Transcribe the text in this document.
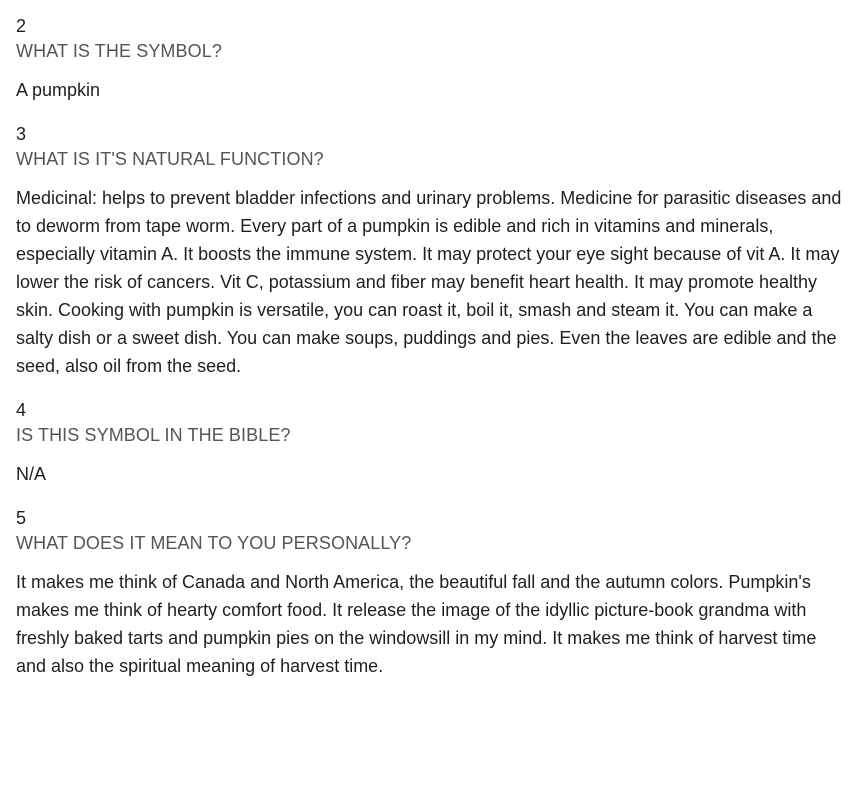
2

WHAT IS THE SYMBOL?

A pumpkin

3

WHAT IS IT'S NATURAL FUNCTION?

Medicinal: helps to prevent bladder infections and urinary problems. Medicine for parasitic diseases and to deworm from tape worm. Every part of a pumpkin is edible and rich in vitamins and minerals, especially vitamin A. It boosts the immune system. It may protect your eye sight because of vit A. It may lower the risk of cancers. Vit C, potassium and fiber may benefit heart health. It may promote healthy skin. Cooking with pumpkin is versatile, you can roast it, boil it, smash and steam it. You can make a salty dish or a sweet dish. You can make soups, puddings and pies. Even the leaves are edible and the seed, also oil from the seed.

4

IS THIS SYMBOL IN THE BIBLE?

N/A

5

WHAT DOES IT MEAN TO YOU PERSONALLY?

It makes me think of Canada and North America, the beautiful fall and the autumn colors. Pumpkin's makes me think of hearty comfort food. It release the image of the idyllic picture-book grandma with freshly baked tarts and pumpkin pies on the windowsill in my mind. It makes me think of harvest time and also the spiritual meaning of harvest time.
